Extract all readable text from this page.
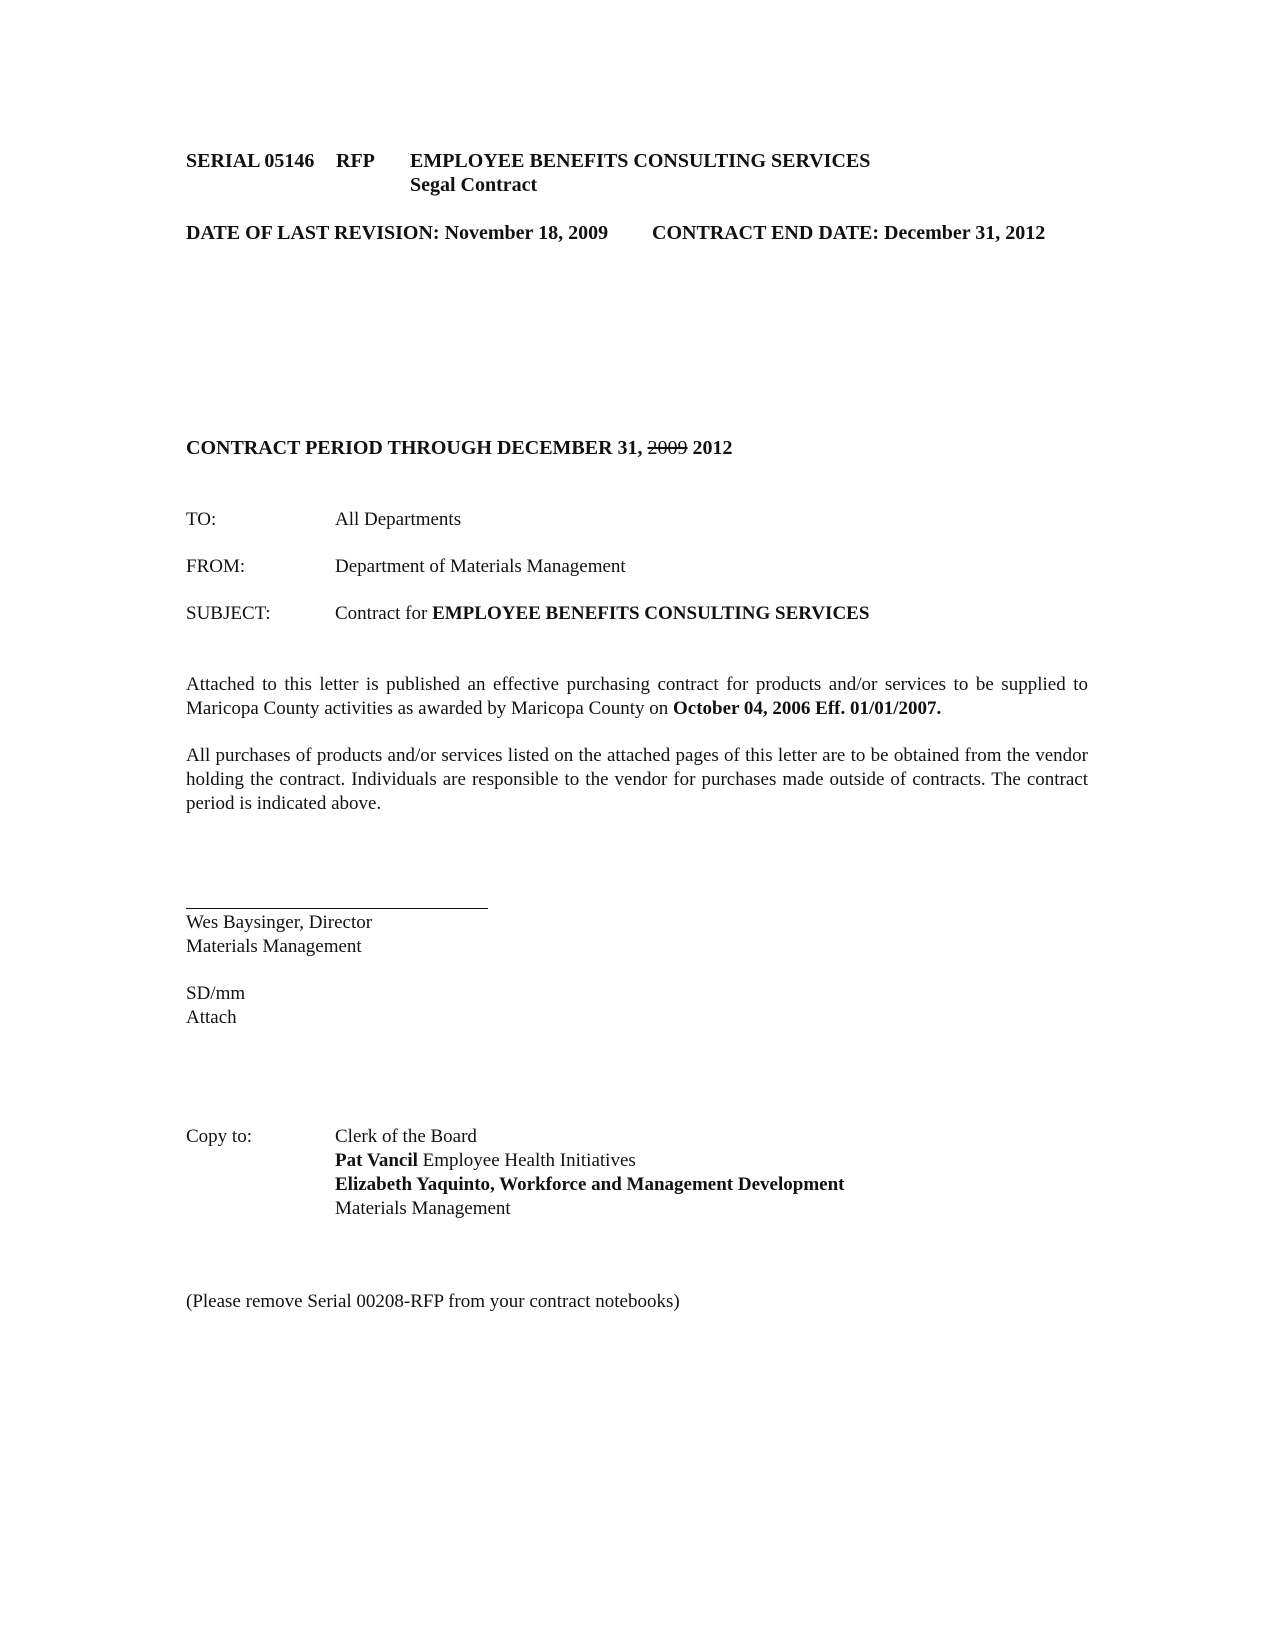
SERIAL 05146 RFP EMPLOYEE BENEFITS CONSULTING SERVICES
Segal Contract
DATE OF LAST REVISION: November 18, 2009 CONTRACT END DATE: December 31, 2012
CONTRACT PERIOD THROUGH DECEMBER 31, 2009 2012
TO:	All Departments
FROM:	Department of Materials Management
SUBJECT:	Contract for EMPLOYEE BENEFITS CONSULTING SERVICES
Attached to this letter is published an effective purchasing contract for products and/or services to be supplied to Maricopa County activities as awarded by Maricopa County on October 04, 2006 Eff. 01/01/2007.
All purchases of products and/or services listed on the attached pages of this letter are to be obtained from the vendor holding the contract. Individuals are responsible to the vendor for purchases made outside of contracts. The contract period is indicated above.
Wes Baysinger, Director
Materials Management
SD/mm
Attach
Copy to:	Clerk of the Board
Pat Vancil Employee Health Initiatives
Elizabeth Yaquinto, Workforce and Management Development
Materials Management
(Please remove Serial 00208-RFP from your contract notebooks)
